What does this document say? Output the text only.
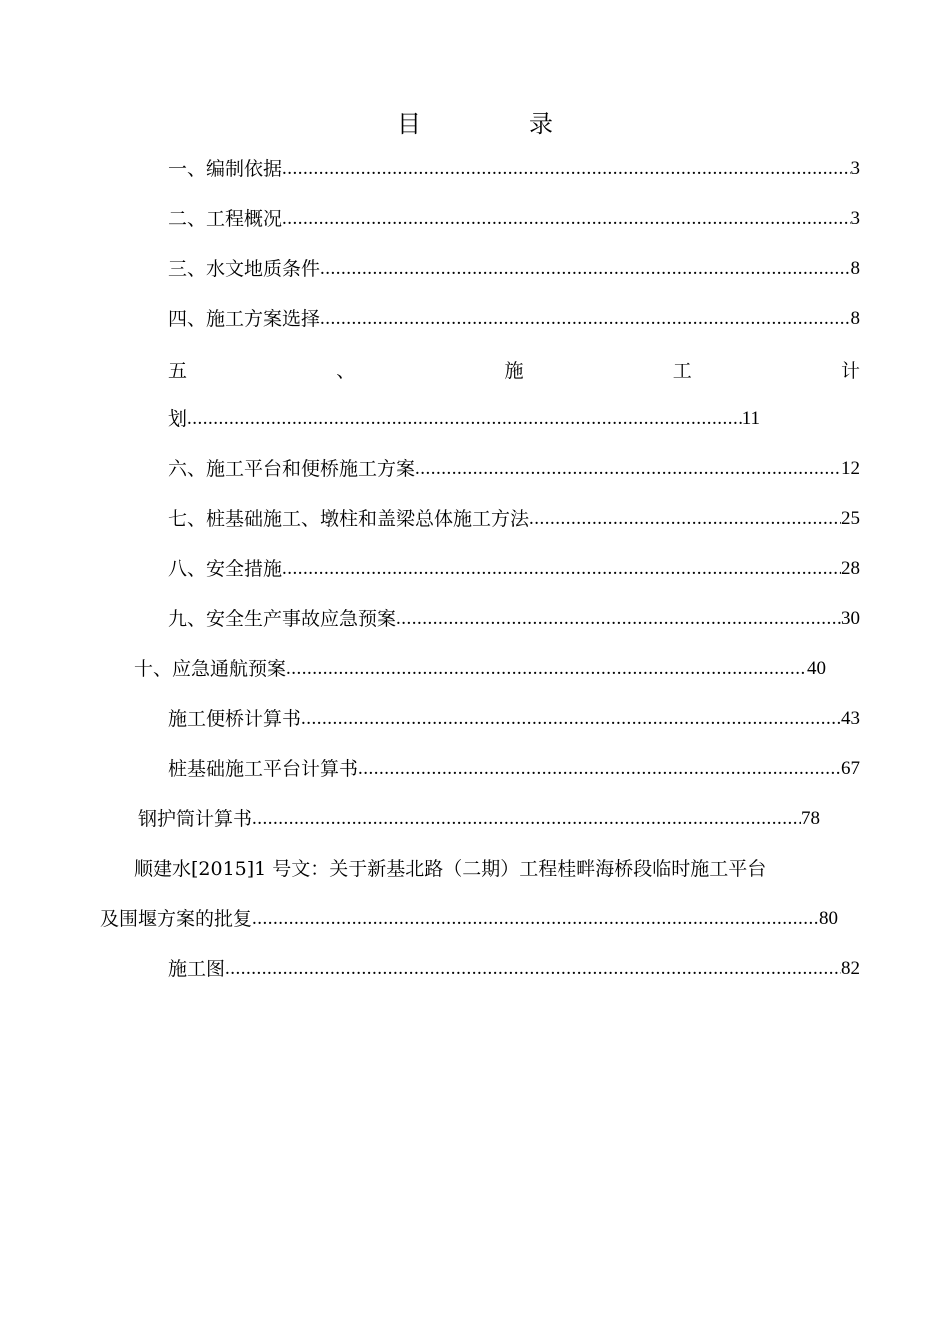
目	录
一、编制依据 .....	3
二、工程概况 .....	3
三、水文地质条件 .....	8
四、施工方案选择 .....	8
五	、	施	工	计
划 .....	11
六、施工平台和便桥施工方案 .....	12
七、桩基础施工、墩柱和盖梁总体施工方法 .....	25
八、安全措施 .....	28
九、安全生产事故应急预案 .....	30
十、应急通航预案 .....	40
施工便桥计算书 .....	43
桩基础施工平台计算书 .....	67
钢护筒计算书 .....	78
顺建水[2015]1 号文：关于新基北路（二期）工程桂畔海桥段临时施工平台
及围堰方案的批复 .....	80
施工图 .....	82
